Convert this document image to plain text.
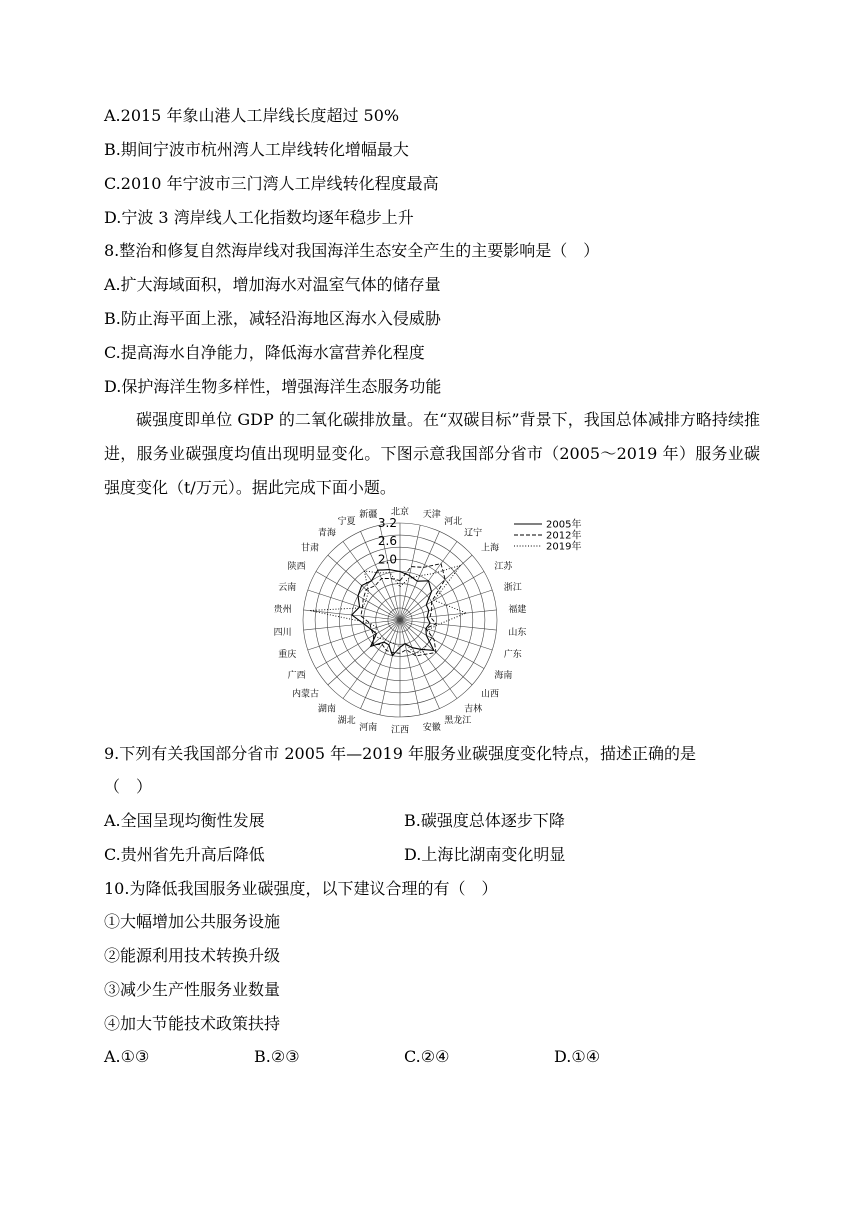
A.2015 年象山港人工岸线长度超过 50%
B.期间宁波市杭州湾人工岸线转化增幅最大
C.2010 年宁波市三门湾人工岸线转化程度最高
D.宁波 3 湾岸线人工化指数均逐年稳步上升
8.整治和修复自然海岸线对我国海洋生态安全产生的主要影响是（　）
A.扩大海域面积，增加海水对温室气体的储存量
B.防止海平面上涨，减轻沿海地区海水入侵威胁
C.提高海水自净能力，降低海水富营养化程度
D.保护海洋生物多样性，增强海洋生态服务功能
　　碳强度即单位 GDP 的二氧化碳排放量。在“双碳目标”背景下，我国总体减排方略持续推进，服务业碳强度均值出现明显变化。下图示意我国部分省市（2005～2019 年）服务业碳强度变化（t/万元）。据此完成下面小题。
2.0
2.6
3.2
北京 天津
河北
辽宁
上海
江苏
浙江
福建
山东
广东
海南
山西
吉林
黑龙江
安徽
江西
河南
湖北
湖南
内蒙古
广西
重庆
四川
贵州
云南
陕西
甘肃
青海
宁夏
新疆
2005年
2012年
2019年
9.下列有关我国部分省市 2005 年—2019 年服务业碳强度变化特点，描述正确的是
（　）
A.全国呈现均衡性发展	B.碳强度总体逐步下降
C.贵州省先升高后降低	D.上海比湖南变化明显
10.为降低我国服务业碳强度，以下建议合理的有（　）
①大幅增加公共服务设施
②能源利用技术转换升级
③减少生产性服务业数量
④加大节能技术政策扶持
A.①③	B.②③	C.②④	D.①④
